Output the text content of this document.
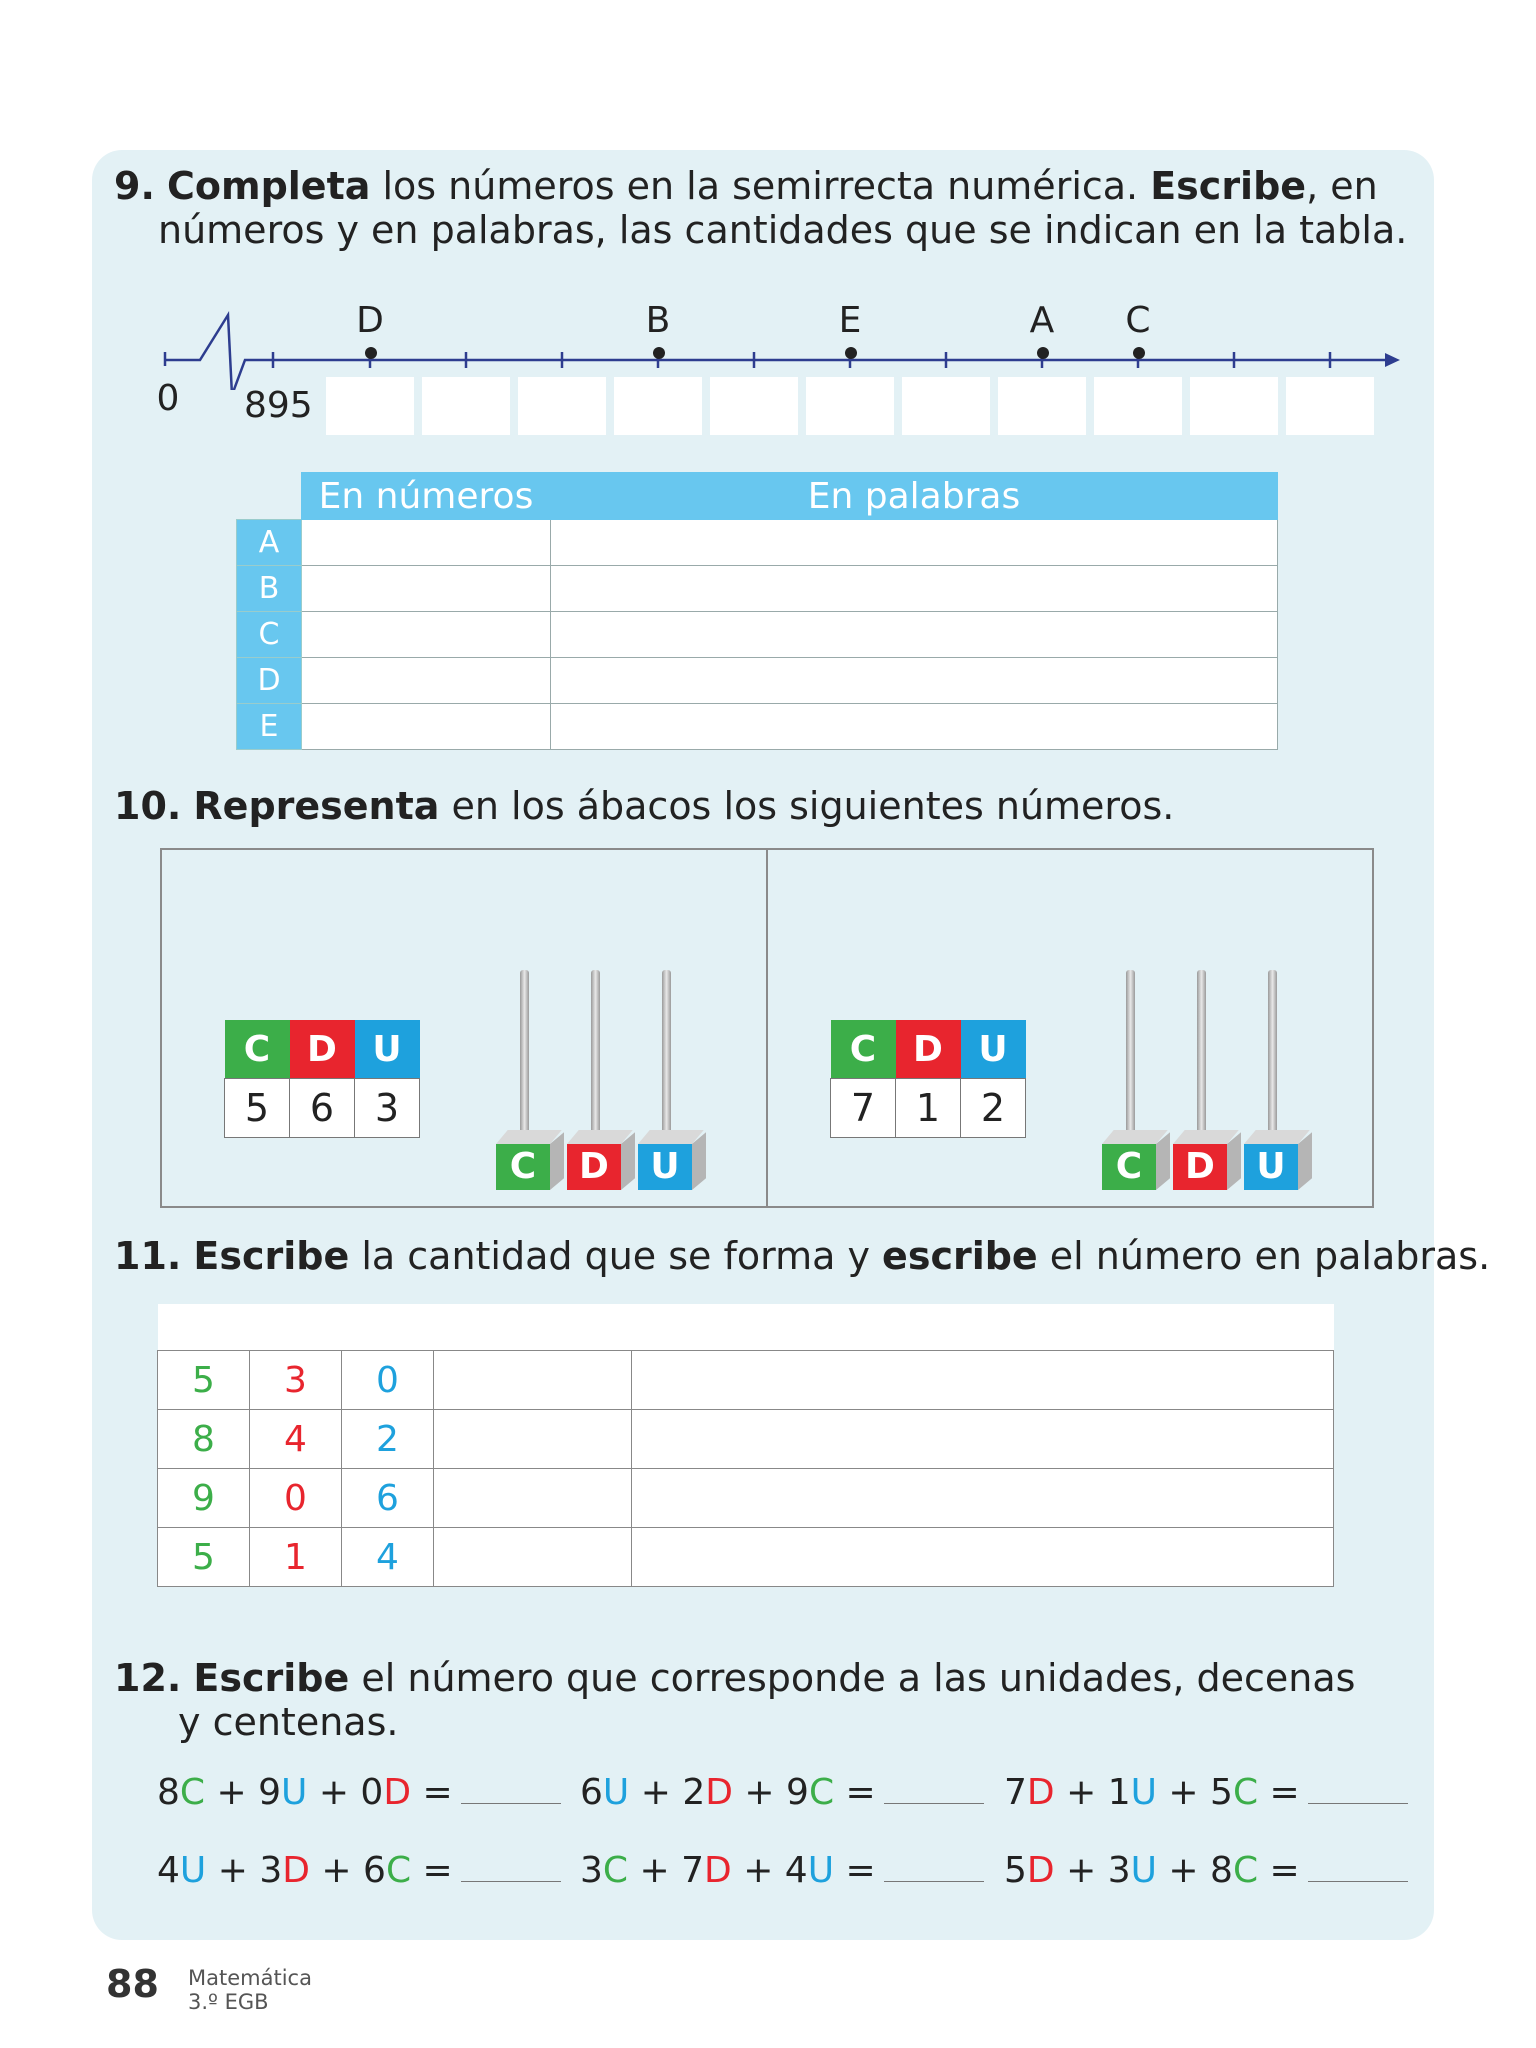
9. Completa los números en la semirrecta numérica. Escribe, en
números y en palabras, las cantidades que se indican en la tabla.
D	B	E	A C
0 895
	En números	En palabras
A		
B		
C		
D		
E		
10. Representa en los ábacos los siguientes números.
C	D	U
5	6	3
C	D	U
C	D	U
7	1	2
C	D	U
11. Escribe la cantidad que se forma y escribe el número en palabras.
C	D	U	Número	En palabras
5	3	0		
8	4	2		
9	0	6		
5	1	4		
12. Escribe el número que corresponde a las unidades, decenas
y centenas.
8C + 9U + 0D =	6U + 2D + 9C =	7D + 1U + 5C =
4U + 3D + 6C =	3C + 7D + 4U =	5D + 3U + 8C =
88 Matemática
3.º EGB
